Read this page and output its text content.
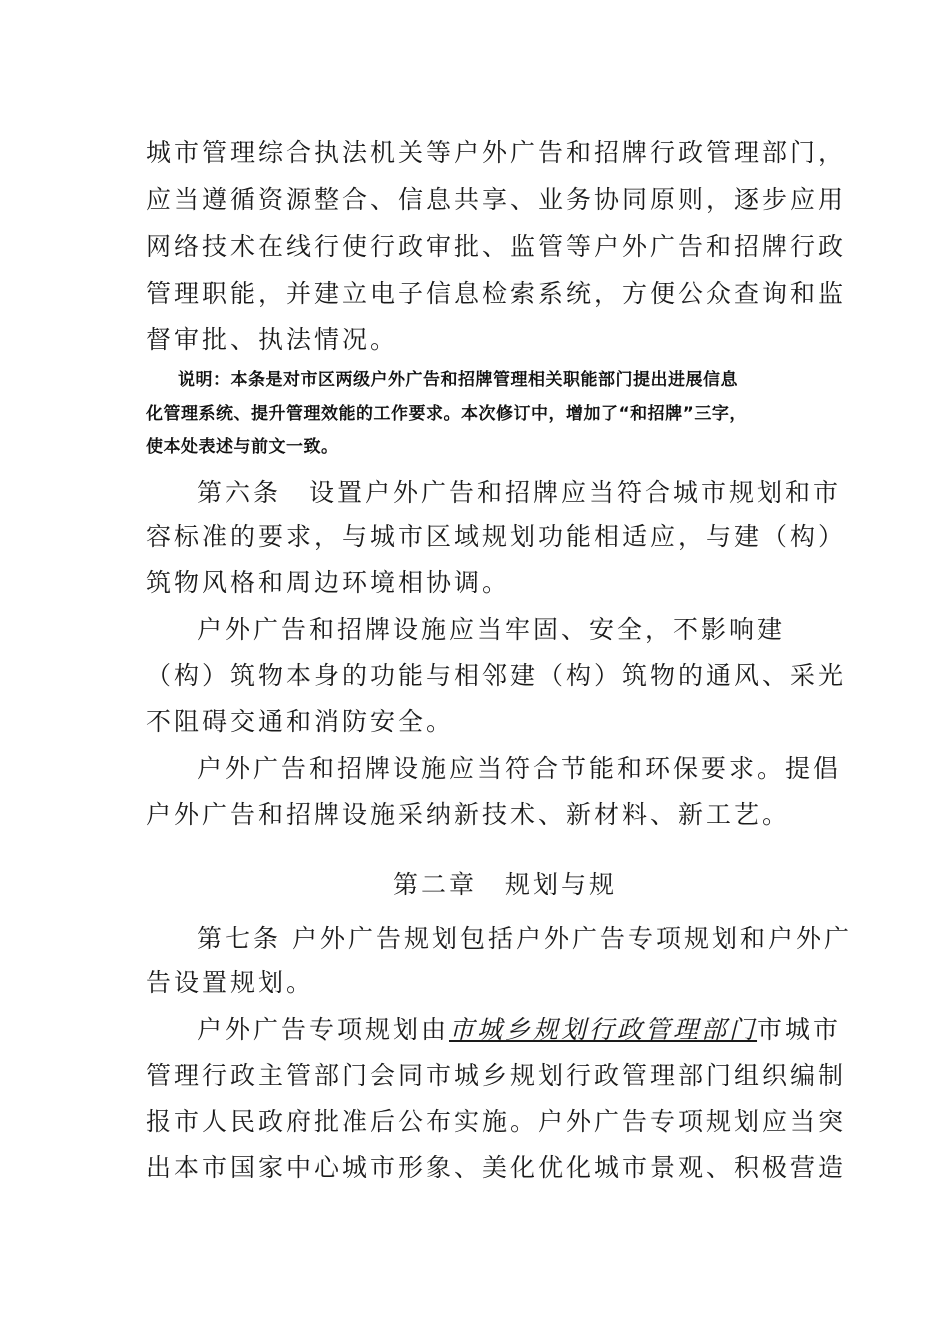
城市管理综合执法机关等户外广告和招牌行政管理部门，
应当遵循资源整合、信息共享、业务协同原则，逐步应用
网络技术在线行使行政审批、监管等户外广告和招牌行政
管理职能，并建立电子信息检索系统，方便公众查询和监
督审批、执法情况。
说明：本条是对市区两级户外广告和招牌管理相关职能部门提出进展信息
化管理系统、提升管理效能的工作要求。本次修订中，增加了“和招牌”三字，
使本处表述与前文一致。
第六条　设置户外广告和招牌应当符合城市规划和市
容标准的要求，与城市区域规划功能相适应，与建（构）
筑物风格和周边环境相协调。
户外广告和招牌设施应当牢固、安全，不影响建
（构）筑物本身的功能与相邻建（构）筑物的通风、采光
不阻碍交通和消防安全。
户外广告和招牌设施应当符合节能和环保要求。提倡
户外广告和招牌设施采纳新技术、新材料、新工艺。
第二章 规划与规
第七条 户外广告规划包括户外广告专项规划和户外广
告设置规划。
户外广告专项规划由市城乡规划行政管理部门市城市
管理行政主管部门会同市城乡规划行政管理部门组织编制
报市人民政府批准后公布实施。户外广告专项规划应当突
出本市国家中心城市形象、美化优化城市景观、积极营造
